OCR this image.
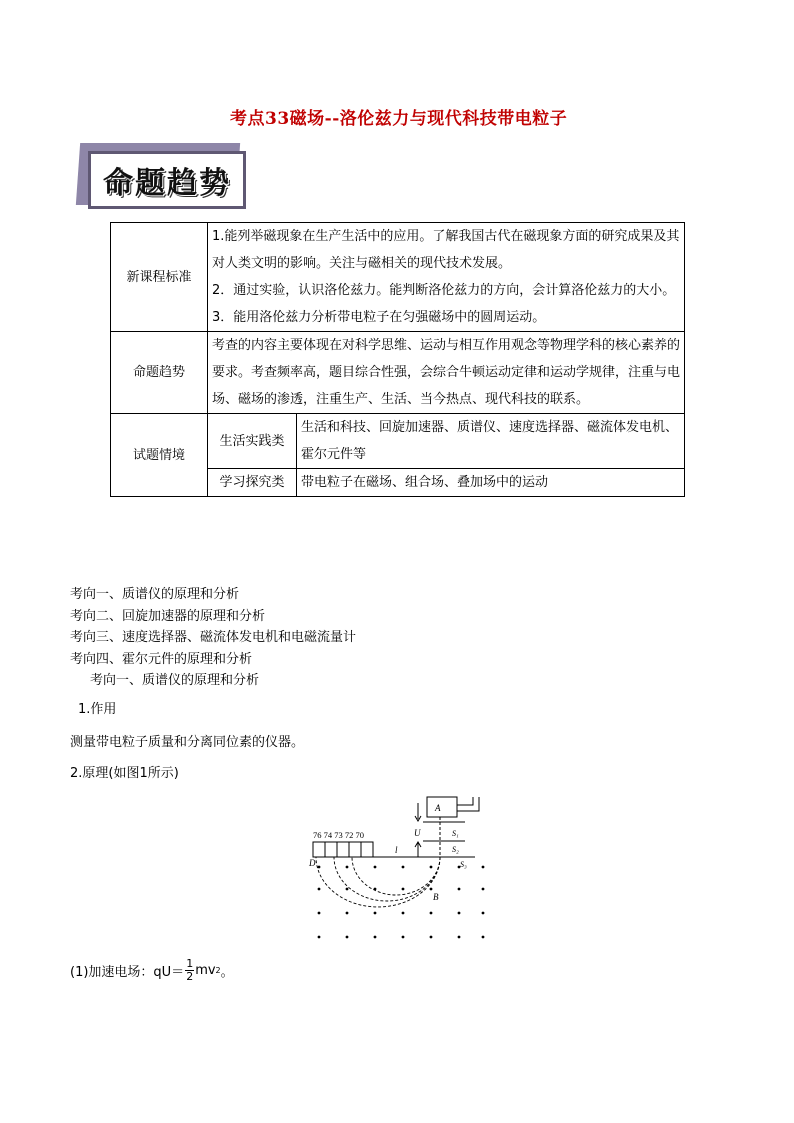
考点33磁场--洛伦兹力与现代科技带电粒子
命题趋势
新课程标准	1.能列举磁现象在生产生活中的应用。了解我国古代在磁现象方面的研究成果及其对人类文明的影响。关注与磁相关的现代技术发展。

2．通过实验，认识洛伦兹力。能判断洛伦兹力的方向，会计算洛伦兹力的大小。

3．能用洛伦兹力分析带电粒子在匀强磁场中的圆周运动。	

命题趋势	考查的内容主要体现在对科学思维、运动与相互作用观念等物理学科的核心素养的要求。考查频率高，题目综合性强，会综合牛顿运动定律和运动学规律，注重与电场、磁场的渗透，注重生产、生活、当今热点、现代科技的联系。	
试题情境	生活实践类	生活和科技、回旋加速器、质谱仪、速度选择器、磁流体发电机、霍尔元件等
	学习探究类	带电粒子在磁场、组合场、叠加场中的运动
考向一、质谱仪的原理和分析
考向二、回旋加速器的原理和分析
考向三、速度选择器、磁流体发电机和电磁流量计
考向四、霍尔元件的原理和分析
考向一、质谱仪的原理和分析
1.作用
测量带电粒子质量和分离同位素的仪器。
2.原理(如图1所示)
A
U	S₁
S₂
S₃
76 74 73 72 70
D
l
B
(1)加速电场：$qU= \frac{1}{2}$ mv 2 。
